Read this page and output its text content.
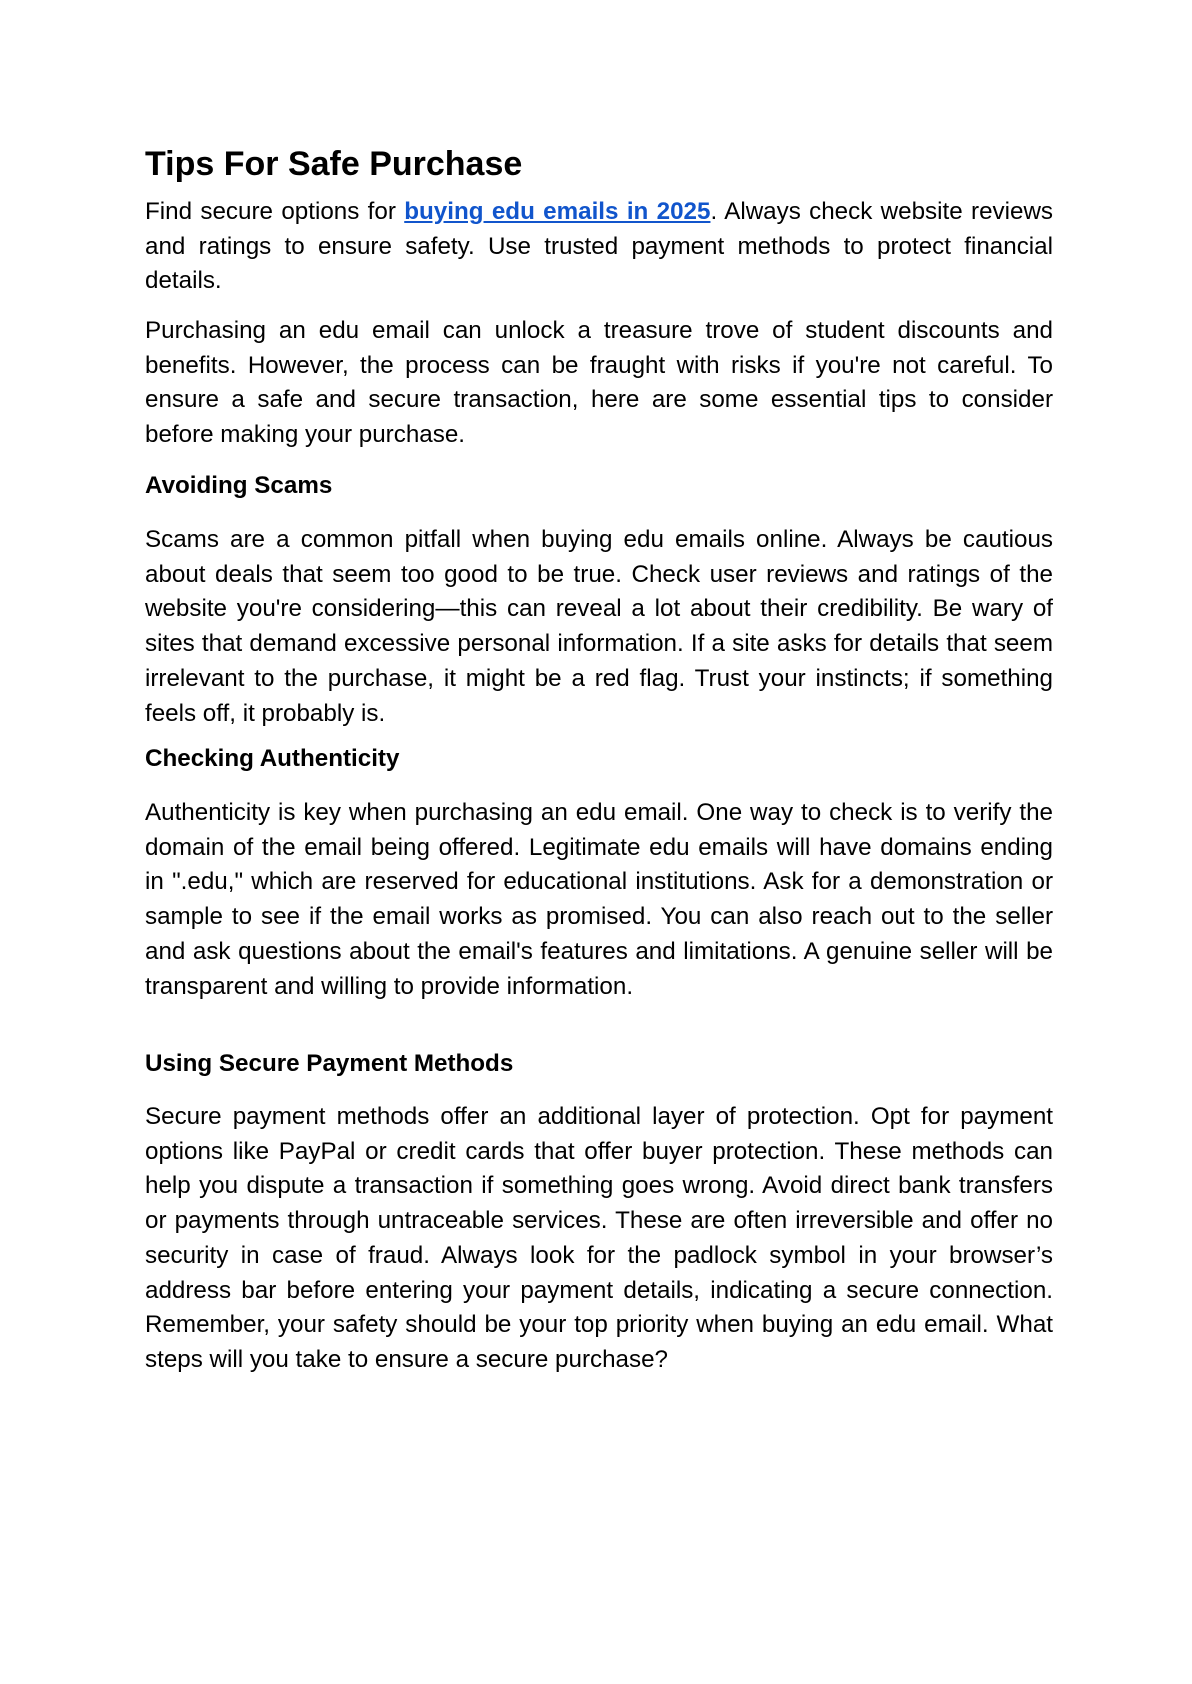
Tips For Safe Purchase

Find secure options for buying edu emails in 2025. Always check website reviews and ratings to ensure safety. Use trusted payment methods to protect financial details.

Purchasing an edu email can unlock a treasure trove of student discounts and benefits. However, the process can be fraught with risks if you're not careful. To ensure a safe and secure transaction, here are some essential tips to consider before making your purchase.

Avoiding Scams

Scams are a common pitfall when buying edu emails online. Always be cautious about deals that seem too good to be true. Check user reviews and ratings of the website you're considering—this can reveal a lot about their credibility. Be wary of sites that demand excessive personal information. If a site asks for details that seem irrelevant to the purchase, it might be a red flag. Trust your instincts; if something feels off, it probably is.

Checking Authenticity

Authenticity is key when purchasing an edu email. One way to check is to verify the domain of the email being offered. Legitimate edu emails will have domains ending in ".edu," which are reserved for educational institutions. Ask for a demonstration or sample to see if the email works as promised. You can also reach out to the seller and ask questions about the email's features and limitations. A genuine seller will be transparent and willing to provide information.

Using Secure Payment Methods

Secure payment methods offer an additional layer of protection. Opt for payment options like PayPal or credit cards that offer buyer protection. These methods can help you dispute a transaction if something goes wrong. Avoid direct bank transfers or payments through untraceable services. These are often irreversible and offer no security in case of fraud. Always look for the padlock symbol in your browser’s address bar before entering your payment details, indicating a secure connection. Remember, your safety should be your top priority when buying an edu email. What steps will you take to ensure a secure purchase?
